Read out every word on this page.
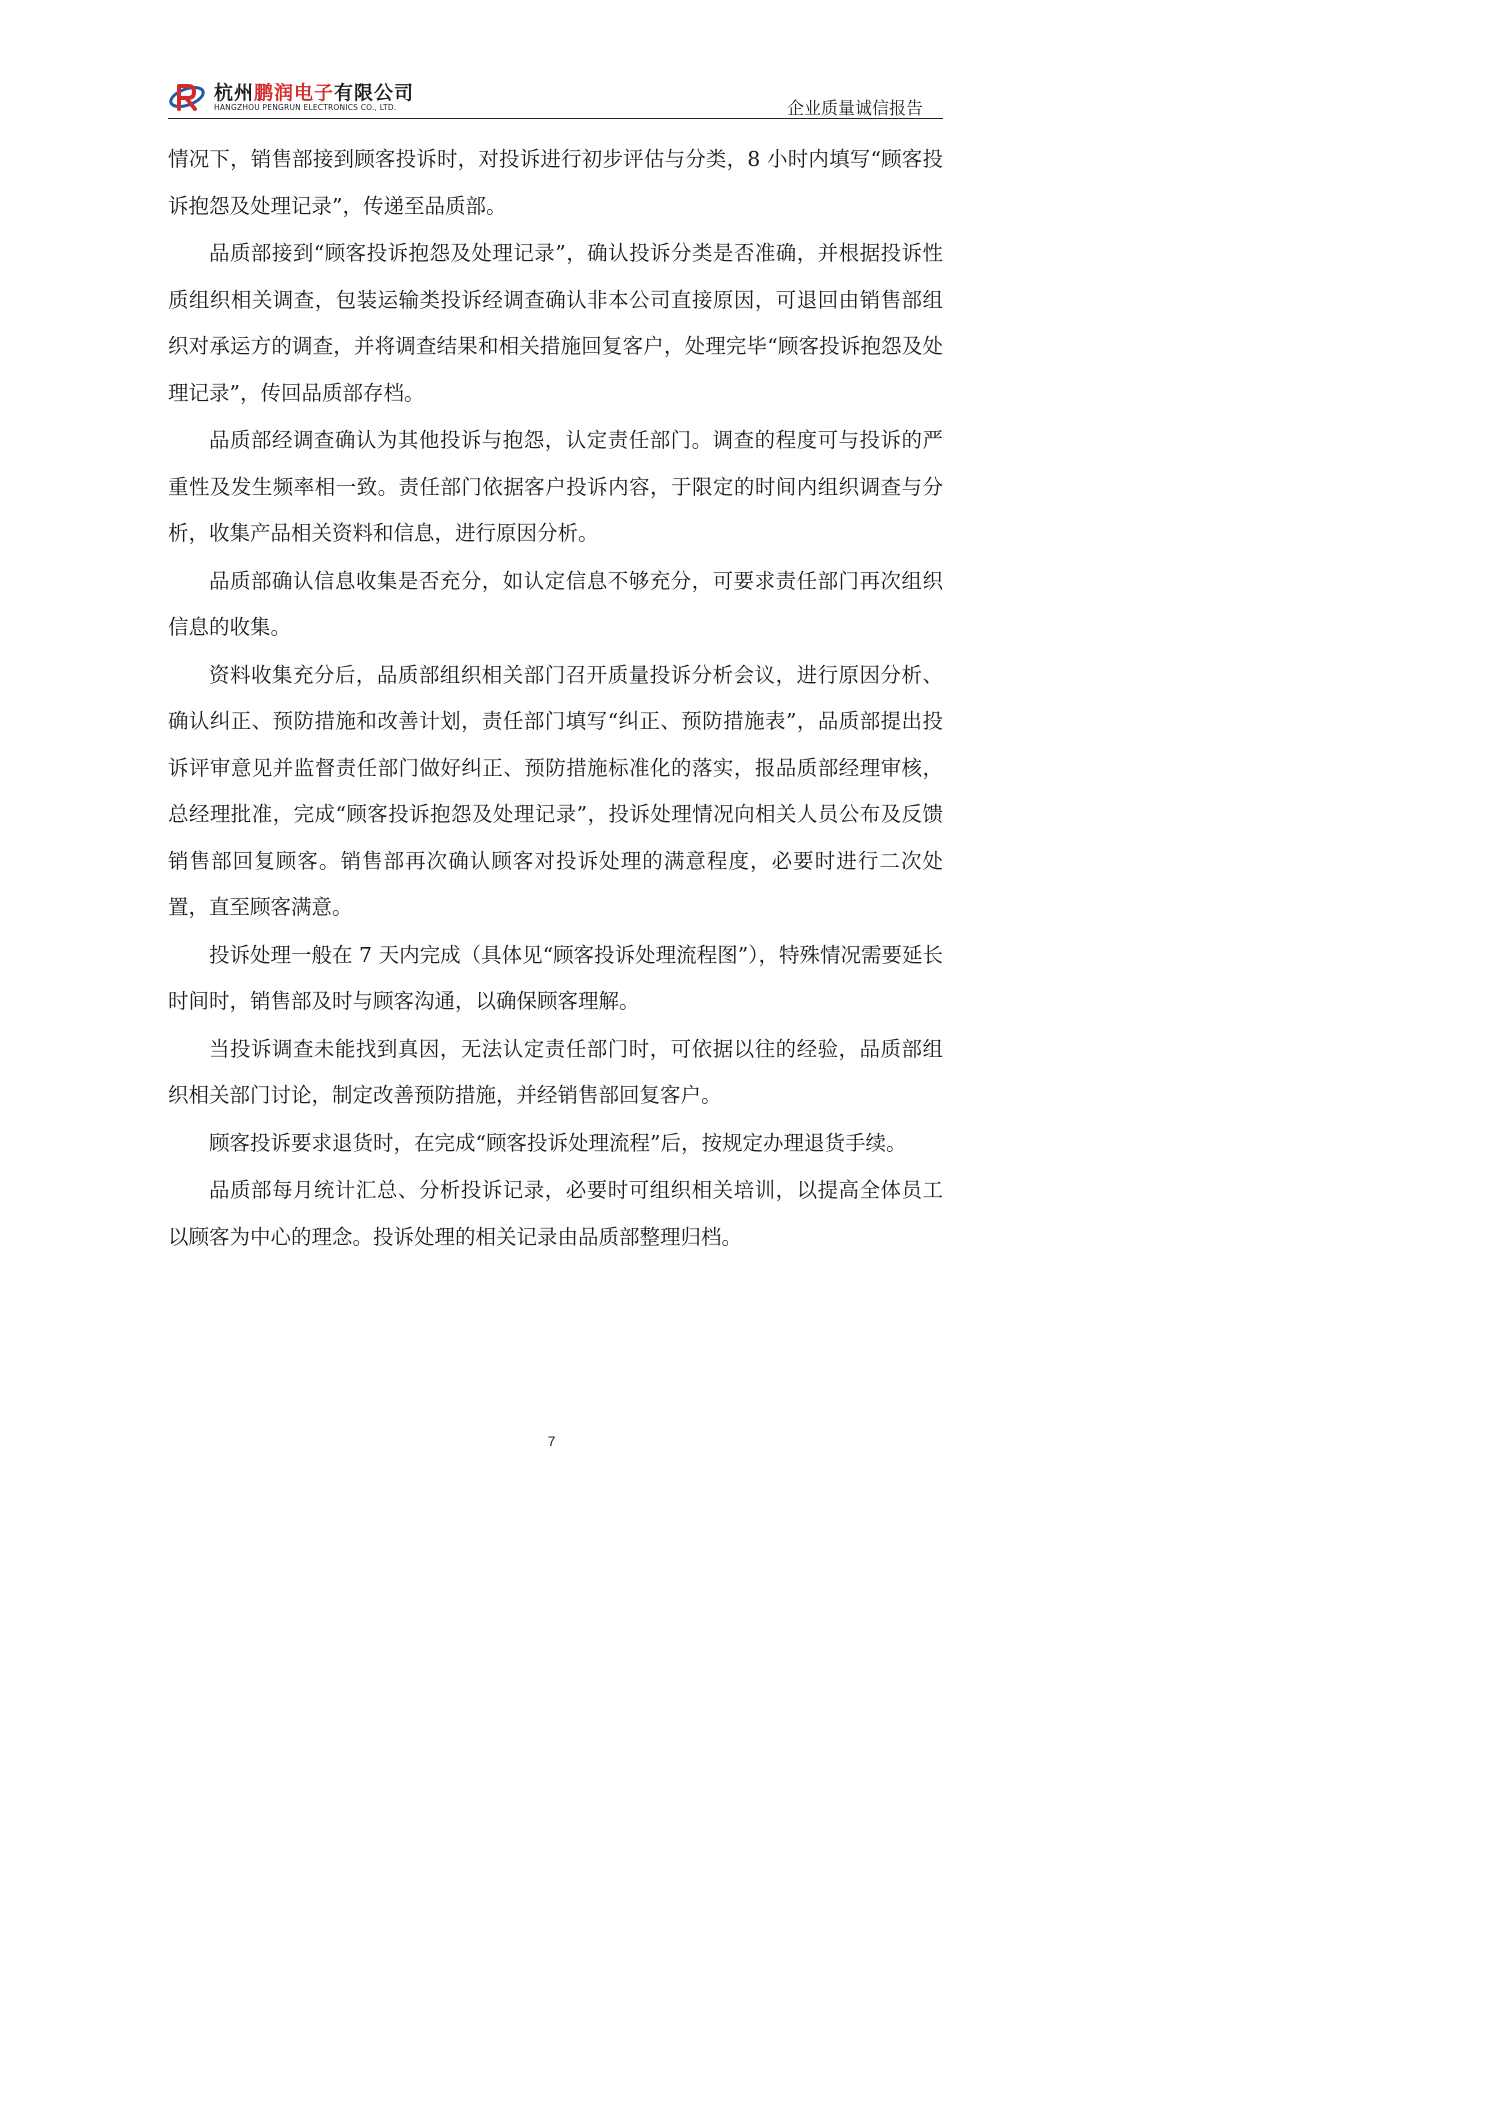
杭州鹏润电子有限公司
HANGZHOU PENGRUN ELECTRONICS CO., LTD.	企业质量诚信报告

情况下，销售部接到顾客投诉时，对投诉进行初步评估与分类，8 小时内填写“顾客投诉抱怨及处理记录”，传递至品质部。

品质部接到“顾客投诉抱怨及处理记录”，确认投诉分类是否准确，并根据投诉性质组织相关调查，包装运输类投诉经调查确认非本公司直接原因，可退回由销售部组织对承运方的调查，并将调查结果和相关措施回复客户，处理完毕“顾客投诉抱怨及处理记录”，传回品质部存档。

品质部经调查确认为其他投诉与抱怨，认定责任部门。调查的程度可与投诉的严重性及发生频率相一致。责任部门依据客户投诉内容，于限定的时间内组织调查与分析，收集产品相关资料和信息，进行原因分析。

品质部确认信息收集是否充分，如认定信息不够充分，可要求责任部门再次组织信息的收集。

资料收集充分后，品质部组织相关部门召开质量投诉分析会议，进行原因分析、确认纠正、预防措施和改善计划，责任部门填写“纠正、预防措施表”，品质部提出投诉评审意见并监督责任部门做好纠正、预防措施标准化的落实，报品质部经理审核，总经理批准，完成“顾客投诉抱怨及处理记录”，投诉处理情况向相关人员公布及反馈销售部回复顾客。销售部再次确认顾客对投诉处理的满意程度，必要时进行二次处置，直至顾客满意。

投诉处理一般在 7 天内完成（具体见“顾客投诉处理流程图”），特殊情况需要延长时间时，销售部及时与顾客沟通，以确保顾客理解。

当投诉调查未能找到真因，无法认定责任部门时，可依据以往的经验，品质部组织相关部门讨论，制定改善预防措施，并经销售部回复客户。

顾客投诉要求退货时，在完成“顾客投诉处理流程”后，按规定办理退货手续。

品质部每月统计汇总、分析投诉记录，必要时可组织相关培训，以提高全体员工以顾客为中心的理念。投诉处理的相关记录由品质部整理归档。

7
